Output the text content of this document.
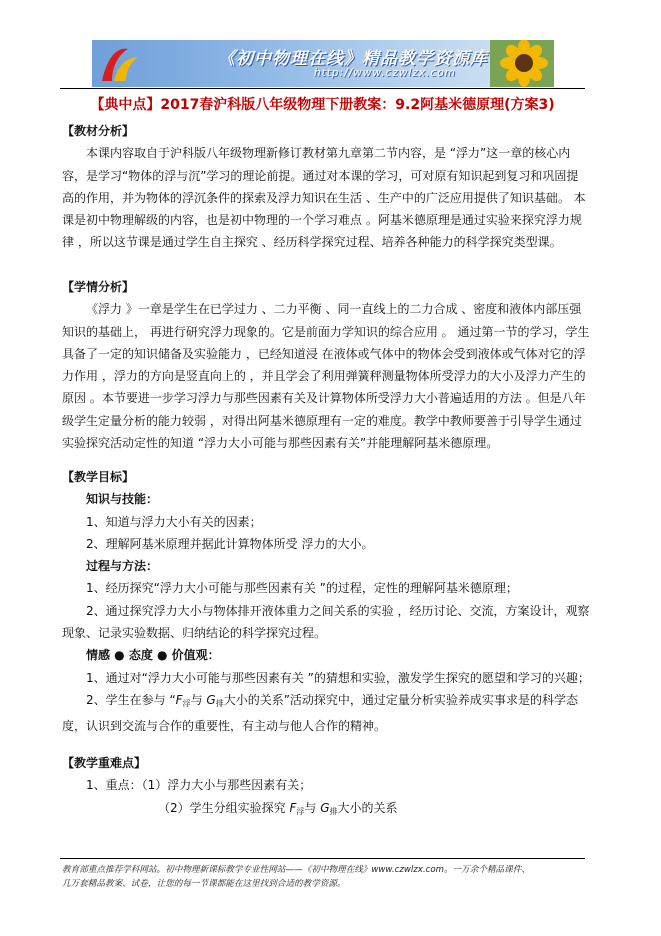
《初中物理在线》精品教学资源库
http://www.czwlzx.com
【典中点】2017春沪科版八年级物理下册教案：9.2阿基米德原理(方案3)

【教材分析】

本课内容取自于沪科版八年级物理新修订教材第九章第二节内容，是 “浮力”这一章的核心内容，是学习“物体的浮与沉”学习的理论前提。通过对本课的学习，可对原有知识起到复习和巩固提高的作用，并为物体的浮沉条件的探索及浮力知识在生活 、生产中的广泛应用提供了知识基础。 本课是初中物理解级的内容，也是初中物理的一个学习难点 。阿基米德原理是通过实验来探究浮力规律 ，所以这节课是通过学生自主探究 、经历科学探究过程、培养各种能力的科学探究类型课。

【学情分析】

《浮力 》一章是学生在已学过力 、二力平衡 、同一直线上的二力合成 、密度和液体内部压强知识的基础上， 再进行研究浮力现象的。它是前面力学知识的综合应用 。 通过第一节的学习，学生具备了一定的知识储备及实验能力 ，已经知道浸 在液体或气体中的物体会受到液体或气体对它的浮力作用 ，浮力的方向是竖直向上的 ，并且学会了利用弹簧秤测量物体所受浮力的大小及浮力产生的原因 。本节要进一步学习浮力与那些因素有关及计算物体所受浮力大小普遍适用的方法 。但是八年级学生定量分析的能力较弱 ，对得出阿基米德原理有一定的难度。教学中教师要善于引导学生通过实验探究活动定性的知道 “浮力大小可能与那些因素有关”并能理解阿基米德原理。

【教学目标】

知识与技能：

1、知道与浮力大小有关的因素；

2、理解阿基米原理并据此计算物体所受 浮力的大小。

过程与方法：

1、经历探究“浮力大小可能与那些因素有关 ”的过程，定性的理解阿基米德原理；

2、通过探究浮力大小与物体排开液体重力之间关系的实验 ，经历讨论、交流，方案设计，观察现象、记录实验数据、归纳结论的科学探究过程。

情感 ● 态度 ● 价值观：

1、通过对“浮力大小可能与那些因素有关 ”的猜想和实验，激发学生探究的愿望和学习的兴趣；

2、学生在参与 “$F_浮$与 $G_排$大小的关系”活动探究中，通过定量分析实验养成实事求是的科学态度，认识到交流与合作的重要性，有主动与他人合作的精神。

【教学重难点】

1、重点：（1）浮力大小与那些因素有关；

（2）学生分组实验探究 $F_浮$与 $G_排$大小的关系

教育部重点推荐学科网站。初中物理新课标教学专业性网站——《初中物理在线》www.czwlzx.com。一万余个精品课件、
几万套精品教案、试卷，让您的每一节课都能在这里找到合适的教学资源。
